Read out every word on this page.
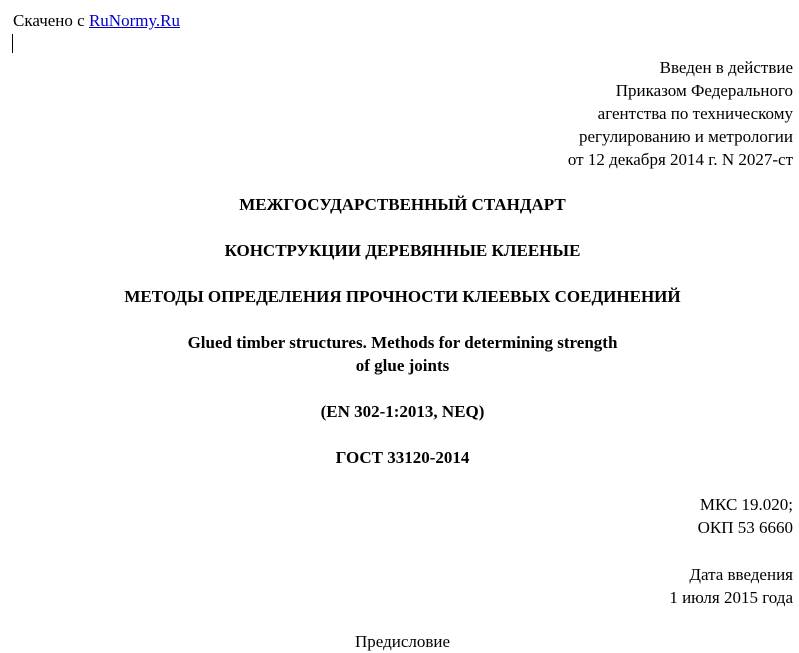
Скачено с RuNormy.Ru
Введен в действие
Приказом Федерального
агентства по техническому
регулированию и метрологии
от 12 декабря 2014 г. N 2027-ст
МЕЖГОСУДАРСТВЕННЫЙ СТАНДАРТ
КОНСТРУКЦИИ ДЕРЕВЯННЫЕ КЛЕЕНЫЕ
МЕТОДЫ ОПРЕДЕЛЕНИЯ ПРОЧНОСТИ КЛЕЕВЫХ СОЕДИНЕНИЙ
Glued timber structures. Methods for determining strength
of glue joints
(EN 302-1:2013, NEQ)
ГОСТ 33120-2014
МКС 19.020;
ОКП 53 6660
Дата введения
1 июля 2015 года
Предисловие
